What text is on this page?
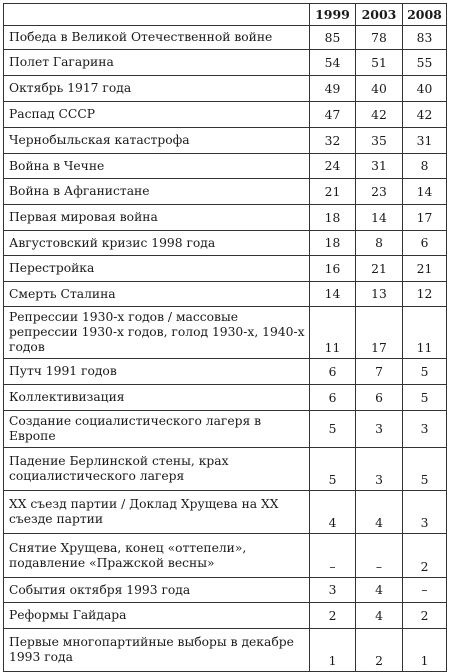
	1999	2003	2008
Победа в Великой Отечественной войне	85	78	83
Полет Гагарина	54	51	55
Октябрь 1917 года	49	40	40
Распад СССР	47	42	42
Чернобыльская катастрофа	32	35	31
Война в Чечне	24	31	8
Война в Афганистане	21	23	14
Первая мировая война	18	14	17
Августовский кризис 1998 года	18	8	6
Перестройка	16	21	21
Смерть Сталина	14	13	12
Репрессии 1930-х годов / массовые репрессии 1930-х годов, голод 1930-х, 1940-х годов	11	17	11
Путч 1991 годов	6	7	5
Коллективизация	6	6	5
Создание социалистического лагеря в Европе	5	3	3
Падение Берлинской стены, крах социалистического лагеря	5	3	5
XX съезд партии / Доклад Хрущева на XX съезде партии	4	4	3
Снятие Хрущева, конец «оттепели», подавление «Пражской весны»	–	–	2
События октября 1993 года	3	4	–
Реформы Гайдара	2	4	2
Первые многопартийные выборы в декабре 1993 года	1	2	1
